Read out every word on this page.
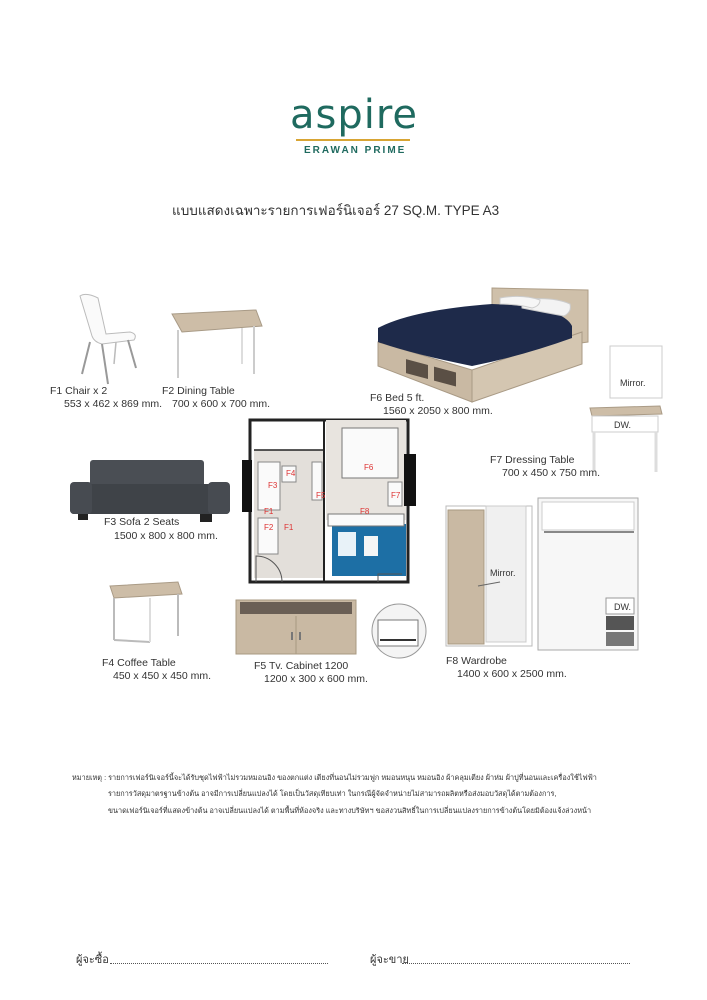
aspire
ERAWAN PRIME
แบบแสดงเฉพาะรายการเฟอร์นิเจอร์ 27 SQ.M. TYPE A3
F1 Chair x 2
553 x 462 x 869 mm.
F2 Dining Table
700 x 600 x 700 mm.	F6 Bed 5 ft.
1560 x 2050 x 800 mm.
Mirror.
DW.
F7 Dressing Table
700 x 450 x 750 mm.
F3 Sofa 2 Seats
1500 x 800 x 800 mm.
F1
F1
F2
F3
F4
F5
F6
F7
F8
F4 Coffee Table
450 x 450 x 450 mm.
F5 Tv. Cabinet 1200
1200 x 300 x 600 mm.
Mirror.
DW.
F8 Wardrobe
1400 x 600 x 2500 mm.
หมายเหตุ : รายการเฟอร์นิเจอร์นี้จะได้รับชุดไฟฟ้าไม่รวมหมอนอิง ของตกแต่ง เตียงที่นอนไม่รวมฟูก หมอนหนุน หมอนอิง ผ้าคลุมเตียง ผ้าห่ม ผ้าปูที่นอนและเครื่องใช้ไฟฟ้า
รายการวัสดุมาตรฐานข้างต้น อาจมีการเปลี่ยนแปลงได้ โดยเป็นวัสดุเทียบเท่า ในกรณีผู้จัดจำหน่ายไม่สามารถผลิตหรือส่งมอบวัสดุได้ตามต้องการ,
ขนาดเฟอร์นิเจอร์ที่แสดงข้างต้น อาจเปลี่ยนแปลงได้ ตามพื้นที่ห้องจริง และทางบริษัทฯ ขอสงวนสิทธิ์ในการเปลี่ยนแปลงรายการข้างต้นโดยมิต้องแจ้งล่วงหน้า
ผู้จะซื้อ	ผู้จะขาย
